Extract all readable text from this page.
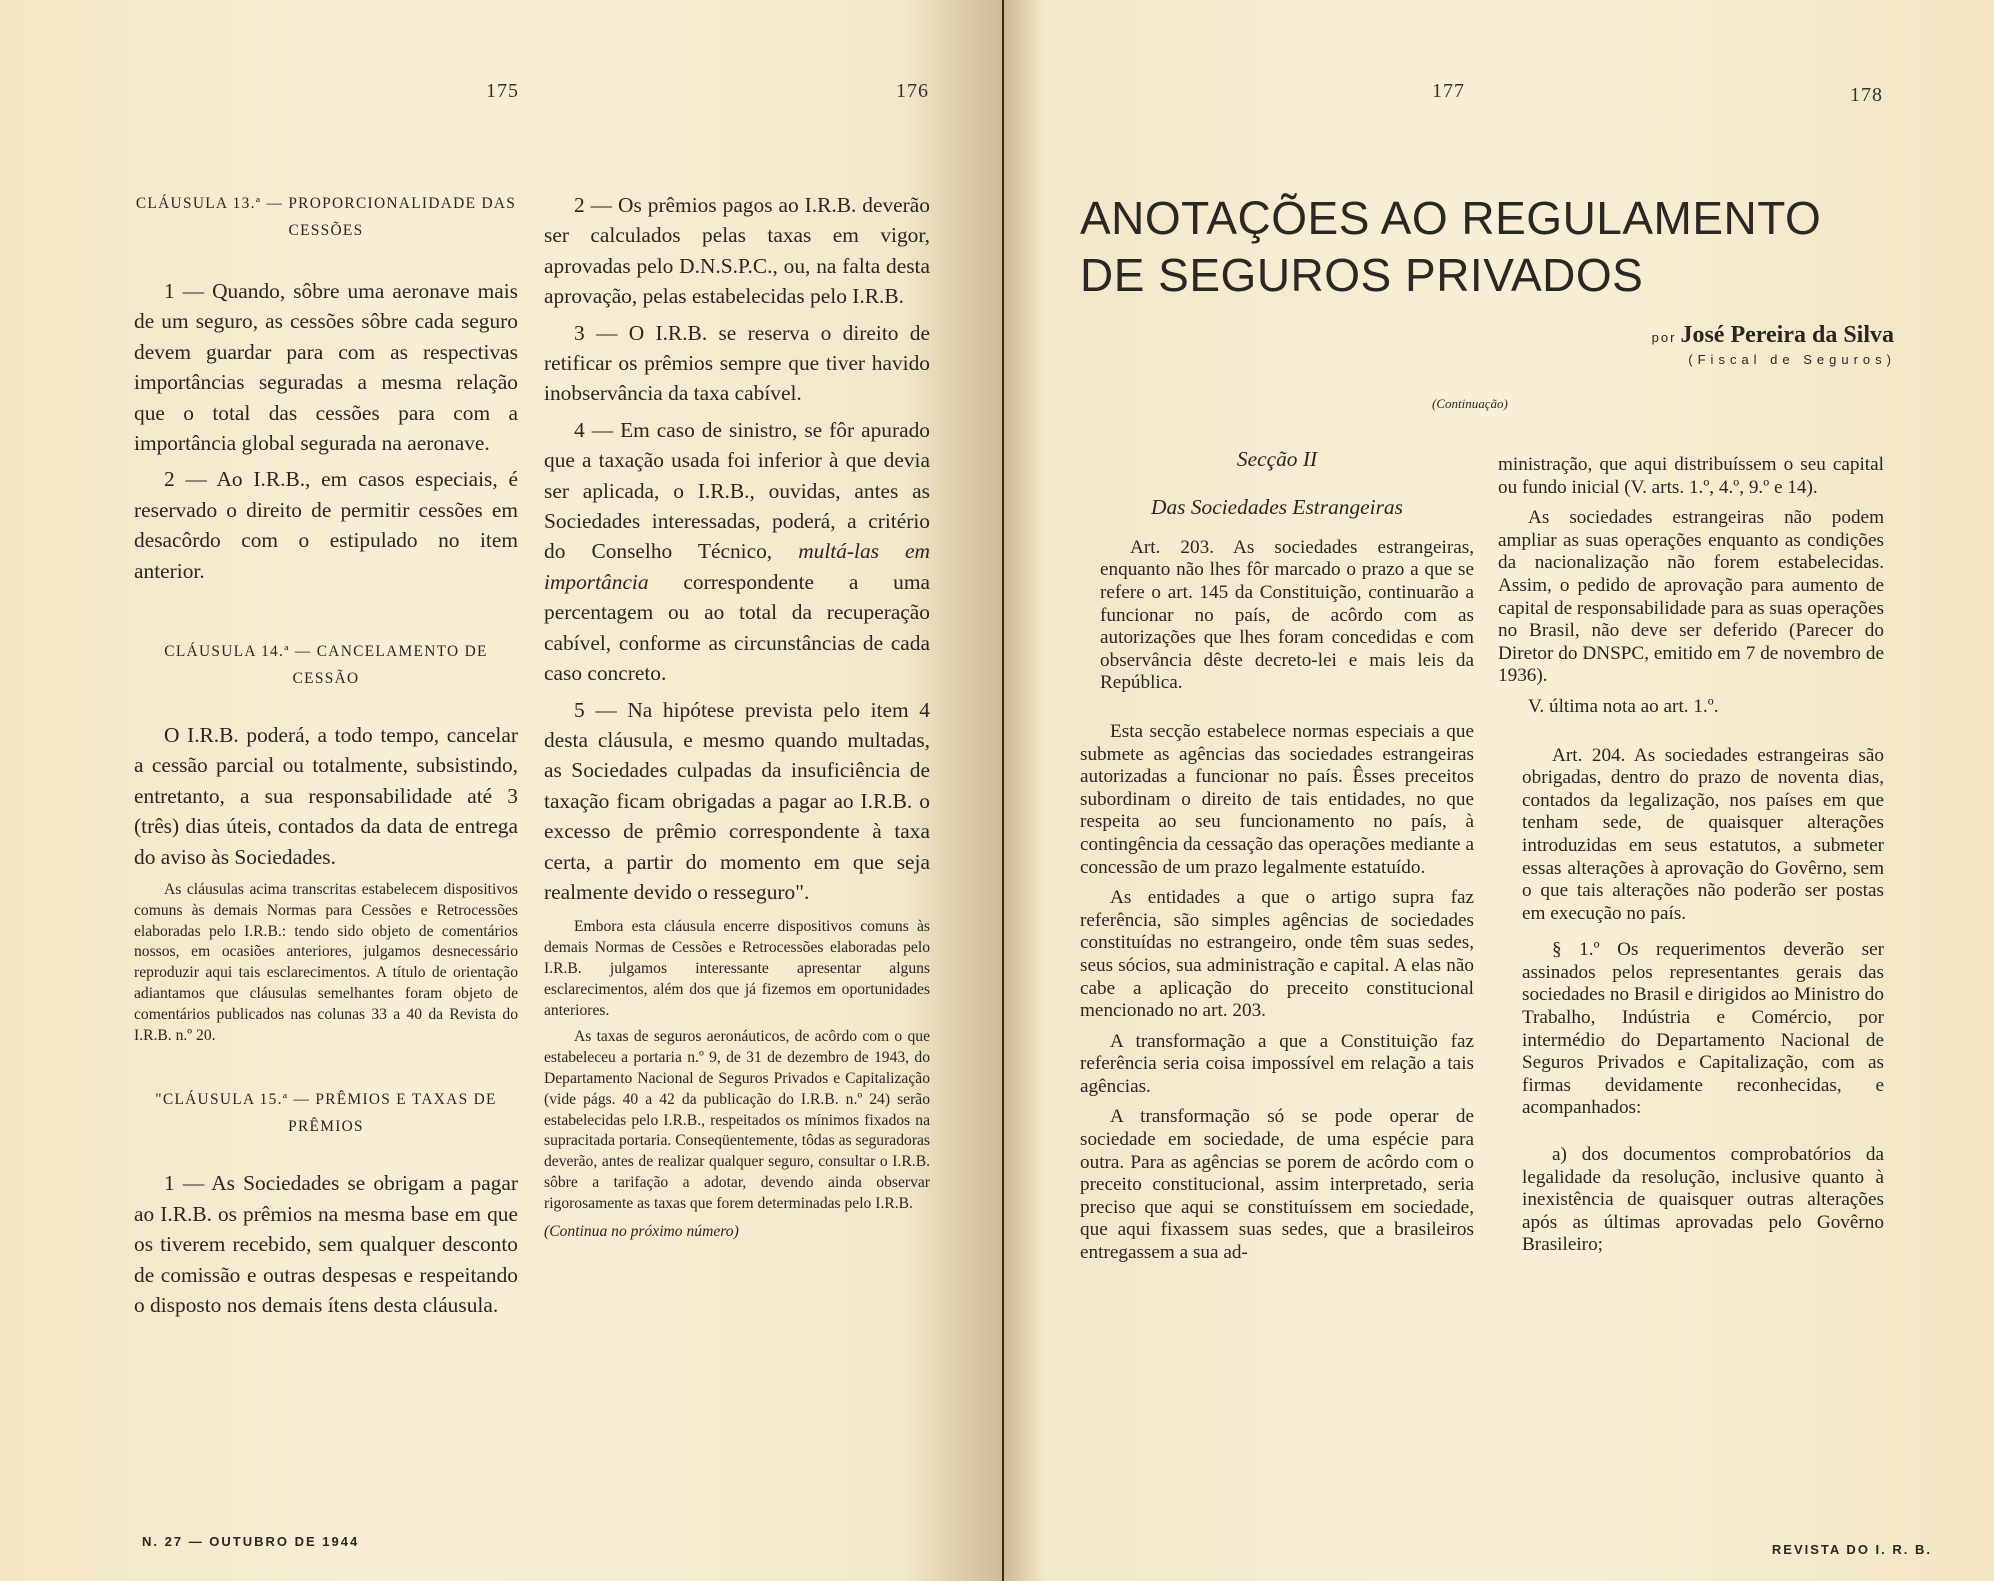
175	176

CLÁUSULA 13.ª — PROPORCIONALIDADE DAS CESSÕES

1 — Quando, sôbre uma aeronave mais de um seguro, as cessões sôbre cada seguro devem guardar para com as respectivas importâncias seguradas a mesma relação que o total das cessões para com a importância global segurada na aeronave.

2 — Ao I.R.B., em casos especiais, é reservado o direito de permitir cessões em desacôrdo com o estipulado no item anterior.

CLÁUSULA 14.ª — CANCELAMENTO DE CESSÃO

O I.R.B. poderá, a todo tempo, cancelar a cessão parcial ou totalmente, subsistindo, entretanto, a sua responsabilidade até 3 (três) dias úteis, contados da data de entrega do aviso às Sociedades.

As cláusulas acima transcritas estabelecem dispositivos comuns às demais Normas para Cessões e Retrocessões elaboradas pelo I.R.B.: tendo sido objeto de comentários nossos, em ocasiões anteriores, julgamos desnecessário reproduzir aqui tais esclarecimentos. A título de orientação adiantamos que cláusulas semelhantes foram objeto de comentários publicados nas colunas 33 a 40 da Revista do I.R.B. n.º 20.

"CLÁUSULA 15.ª — PRÊMIOS E TAXAS DE PRÊMIOS

1 — As Sociedades se obrigam a pagar ao I.R.B. os prêmios na mesma base em que os tiverem recebido, sem qualquer desconto de comissão e outras despesas e respeitando o disposto nos demais ítens desta cláusula.

2 — Os prêmios pagos ao I.R.B. deverão ser calculados pelas taxas em vigor, aprovadas pelo D.N.S.P.C., ou, na falta desta aprovação, pelas estabelecidas pelo I.R.B.

3 — O I.R.B. se reserva o direito de retificar os prêmios sempre que tiver havido inobservância da taxa cabível.

4 — Em caso de sinistro, se fôr apurado que a taxação usada foi inferior à que devia ser aplicada, o I.R.B., ouvidas, antes as Sociedades interessadas, poderá, a critério do Conselho Técnico, multá-las em importância correspondente a uma percentagem ou ao total da recuperação cabível, conforme as circunstâncias de cada caso concreto.

5 — Na hipótese prevista pelo item 4 desta cláusula, e mesmo quando multadas, as Sociedades culpadas da insuficiência de taxação ficam obrigadas a pagar ao I.R.B. o excesso de prêmio correspondente à taxa certa, a partir do momento em que seja realmente devido o resseguro".

Embora esta cláusula encerre dispositivos comuns às demais Normas de Cessões e Retrocessões elaboradas pelo I.R.B. julgamos interessante apresentar alguns esclarecimentos, além dos que já fizemos em oportunidades anteriores.

As taxas de seguros aeronáuticos, de acôrdo com o que estabeleceu a portaria n.º 9, de 31 de dezembro de 1943, do Departamento Nacional de Seguros Privados e Capitalização (vide págs. 40 a 42 da publicação do I.R.B. n.º 24) serão estabelecidas pelo I.R.B., respeitados os mínimos fixados na supracitada portaria. Conseqüentemente, tôdas as seguradoras deverão, antes de realizar qualquer seguro, consultar o I.R.B. sôbre a tarifação a adotar, devendo ainda observar rigorosamente as taxas que forem determinadas pelo I.R.B.

(Continua no próximo número)

N. 27 — OUTUBRO DE 1944
177	178
ANOTAÇÕES AO REGULAMENTO
DE SEGUROS PRIVADOS
por José Pereira da Silva
(Fiscal de Seguros)
(Continuação)

Secção II

Das Sociedades Estrangeiras

Art. 203. As sociedades estrangeiras, enquanto não lhes fôr marcado o prazo a que se refere o art. 145 da Constituição, continuarão a funcionar no país, de acôrdo com as autorizações que lhes foram concedidas e com observância dêste decreto-lei e mais leis da República.

Esta secção estabelece normas especiais a que submete as agências das sociedades estrangeiras autorizadas a funcionar no país. Êsses preceitos subordinam o direito de tais entidades, no que respeita ao seu funcionamento no país, à contingência da cessação das operações mediante a concessão de um prazo legalmente estatuído.

As entidades a que o artigo supra faz referência, são simples agências de sociedades constituídas no estrangeiro, onde têm suas sedes, seus sócios, sua administração e capital. A elas não cabe a aplicação do preceito constitucional mencionado no art. 203.

A transformação a que a Constituição faz referência seria coisa impossível em relação a tais agências.

A transformação só se pode operar de sociedade em sociedade, de uma espécie para outra. Para as agências se porem de acôrdo com o preceito constitucional, assim interpretado, seria preciso que aqui se constituíssem em sociedade, que aqui fixassem suas sedes, que a brasileiros entregassem a sua ad-

ministração, que aqui distribuíssem o seu capital ou fundo inicial (V. arts. 1.º, 4.º, 9.º e 14).

As sociedades estrangeiras não podem ampliar as suas operações enquanto as condições da nacionalização não forem estabelecidas. Assim, o pedido de aprovação para aumento de capital de responsabilidade para as suas operações no Brasil, não deve ser deferido (Parecer do Diretor do DNSPC, emitido em 7 de novembro de 1936).

V. última nota ao art. 1.º.

Art. 204. As sociedades estrangeiras são obrigadas, dentro do prazo de noventa dias, contados da legalização, nos países em que tenham sede, de quaisquer alterações introduzidas em seus estatutos, a submeter essas alterações à aprovação do Govêrno, sem o que tais alterações não poderão ser postas em execução no país.

§ 1.º Os requerimentos deverão ser assinados pelos representantes gerais das sociedades no Brasil e dirigidos ao Ministro do Trabalho, Indústria e Comércio, por intermédio do Departamento Nacional de Seguros Privados e Capitalização, com as firmas devidamente reconhecidas, e acompanhados:

a) dos documentos comprobatórios da legalidade da resolução, inclusive quanto à inexistência de quaisquer outras alterações após as últimas aprovadas pelo Govêrno Brasileiro;

REVISTA DO I. R. B.
